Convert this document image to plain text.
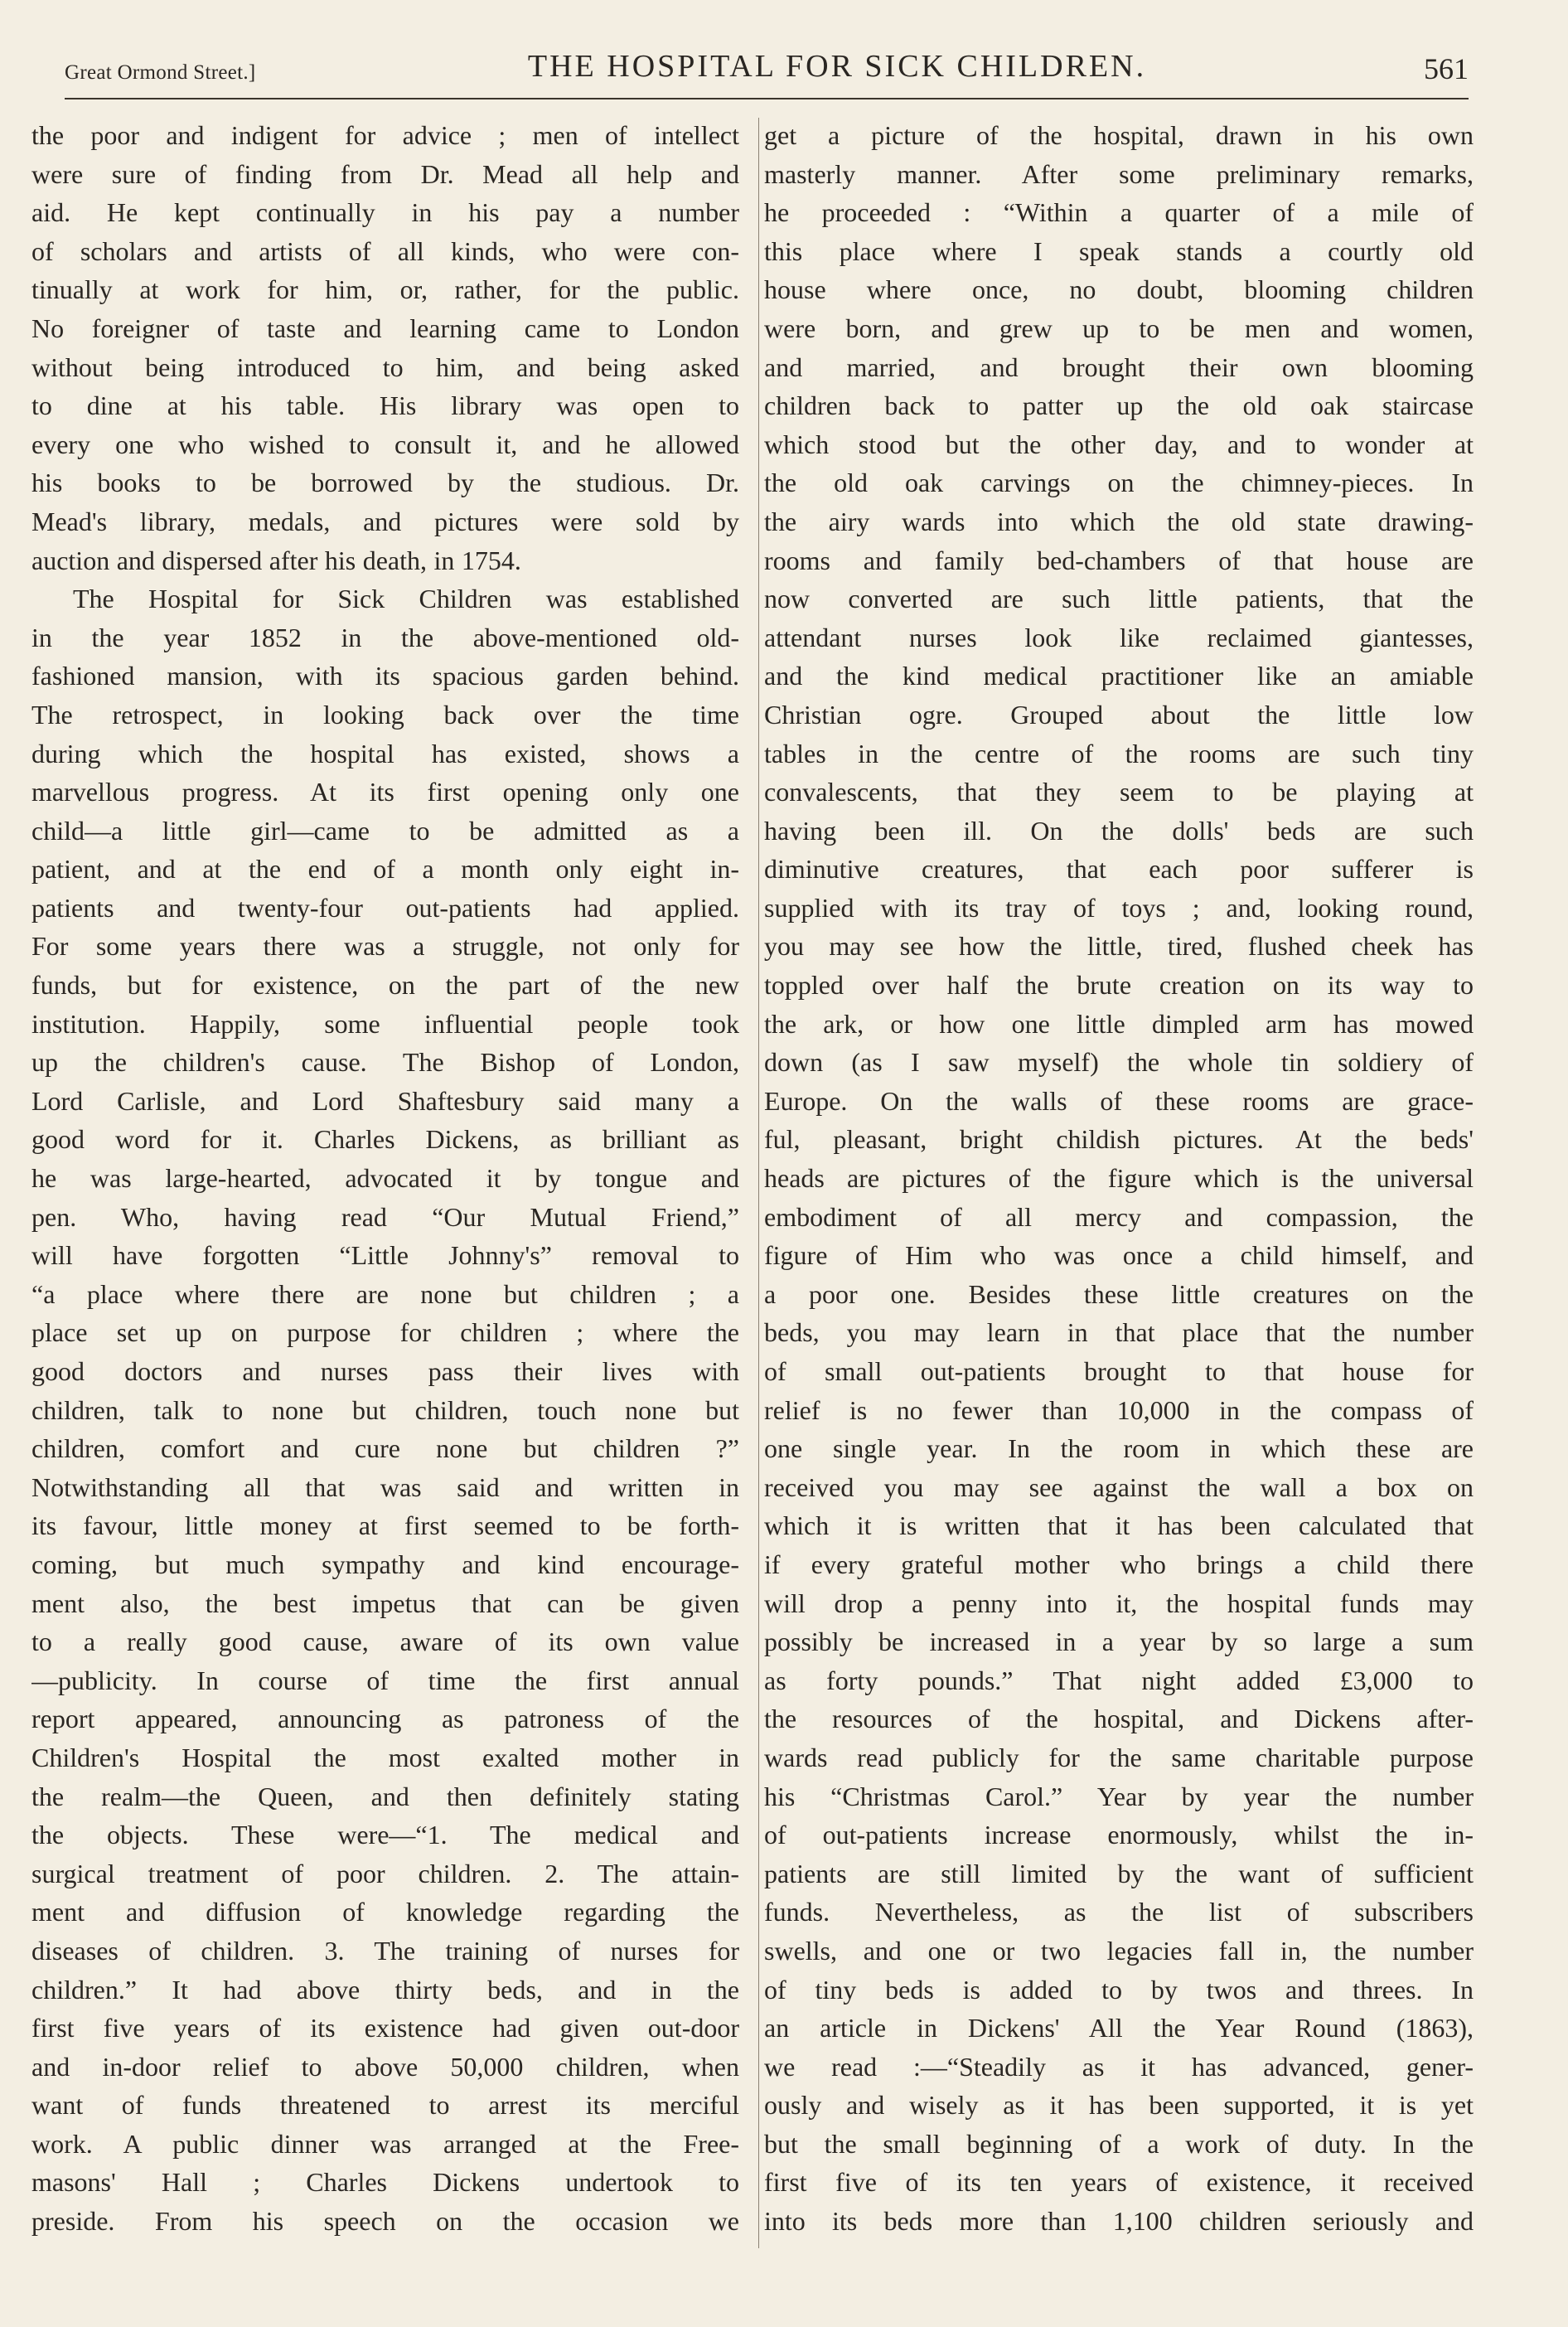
Great Ormond Street.]	THE HOSPITAL FOR SICK CHILDREN.	561
the poor and indigent for advice ; men of intellect
were sure of finding from Dr. Mead all help and
aid. He kept continually in his pay a number
of scholars and artists of all kinds, who were con-
tinually at work for him, or, rather, for the public.
No foreigner of taste and learning came to London
without being introduced to him, and being asked
to dine at his table. His library was open to
every one who wished to consult it, and he allowed
his books to be borrowed by the studious. Dr.
Mead's library, medals, and pictures were sold by
auction and dispersed after his death, in 1754.
The Hospital for Sick Children was established
in the year 1852 in the above-mentioned old-
fashioned mansion, with its spacious garden behind.
The retrospect, in looking back over the time
during which the hospital has existed, shows a
marvellous progress. At its first opening only one
child—a little girl—came to be admitted as a
patient, and at the end of a month only eight in-
patients and twenty-four out-patients had applied.
For some years there was a struggle, not only for
funds, but for existence, on the part of the new
institution. Happily, some influential people took
up the children's cause. The Bishop of London,
Lord Carlisle, and Lord Shaftesbury said many a
good word for it. Charles Dickens, as brilliant as
he was large-hearted, advocated it by tongue and
pen. Who, having read “Our Mutual Friend,”
will have forgotten “Little Johnny's” removal to
“a place where there are none but children ; a
place set up on purpose for children ; where the
good doctors and nurses pass their lives with
children, talk to none but children, touch none but
children, comfort and cure none but children ?”
Notwithstanding all that was said and written in
its favour, little money at first seemed to be forth-
coming, but much sympathy and kind encourage-
ment also, the best impetus that can be given
to a really good cause, aware of its own value
—publicity. In course of time the first annual
report appeared, announcing as patroness of the
Children's Hospital the most exalted mother in
the realm—the Queen, and then definitely stating
the objects. These were—“1. The medical and
surgical treatment of poor children. 2. The attain-
ment and diffusion of knowledge regarding the
diseases of children. 3. The training of nurses for
children.” It had above thirty beds, and in the
first five years of its existence had given out-door
and in-door relief to above 50,000 children, when
want of funds threatened to arrest its merciful
work. A public dinner was arranged at the Free-
masons' Hall ; Charles Dickens undertook to
preside. From his speech on the occasion we
get a picture of the hospital, drawn in his own
masterly manner. After some preliminary remarks,
he proceeded : “Within a quarter of a mile of
this place where I speak stands a courtly old
house where once, no doubt, blooming children
were born, and grew up to be men and women,
and married, and brought their own blooming
children back to patter up the old oak staircase
which stood but the other day, and to wonder at
the old oak carvings on the chimney-pieces. In
the airy wards into which the old state drawing-
rooms and family bed-chambers of that house are
now converted are such little patients, that the
attendant nurses look like reclaimed giantesses,
and the kind medical practitioner like an amiable
Christian ogre. Grouped about the little low
tables in the centre of the rooms are such tiny
convalescents, that they seem to be playing at
having been ill. On the dolls' beds are such
diminutive creatures, that each poor sufferer is
supplied with its tray of toys ; and, looking round,
you may see how the little, tired, flushed cheek has
toppled over half the brute creation on its way to
the ark, or how one little dimpled arm has mowed
down (as I saw myself) the whole tin soldiery of
Europe. On the walls of these rooms are grace-
ful, pleasant, bright childish pictures. At the beds'
heads are pictures of the figure which is the universal
embodiment of all mercy and compassion, the
figure of Him who was once a child himself, and
a poor one. Besides these little creatures on the
beds, you may learn in that place that the number
of small out-patients brought to that house for
relief is no fewer than 10,000 in the compass of
one single year. In the room in which these are
received you may see against the wall a box on
which it is written that it has been calculated that
if every grateful mother who brings a child there
will drop a penny into it, the hospital funds may
possibly be increased in a year by so large a sum
as forty pounds.” That night added £3,000 to
the resources of the hospital, and Dickens after-
wards read publicly for the same charitable purpose
his “Christmas Carol.” Year by year the number
of out-patients increase enormously, whilst the in-
patients are still limited by the want of sufficient
funds. Nevertheless, as the list of subscribers
swells, and one or two legacies fall in, the number
of tiny beds is added to by twos and threes. In
an article in Dickens' All the Year Round (1863),
we read :—“Steadily as it has advanced, gener-
ously and wisely as it has been supported, it is yet
but the small beginning of a work of duty. In the
first five of its ten years of existence, it received
into its beds more than 1,100 children seriously and
